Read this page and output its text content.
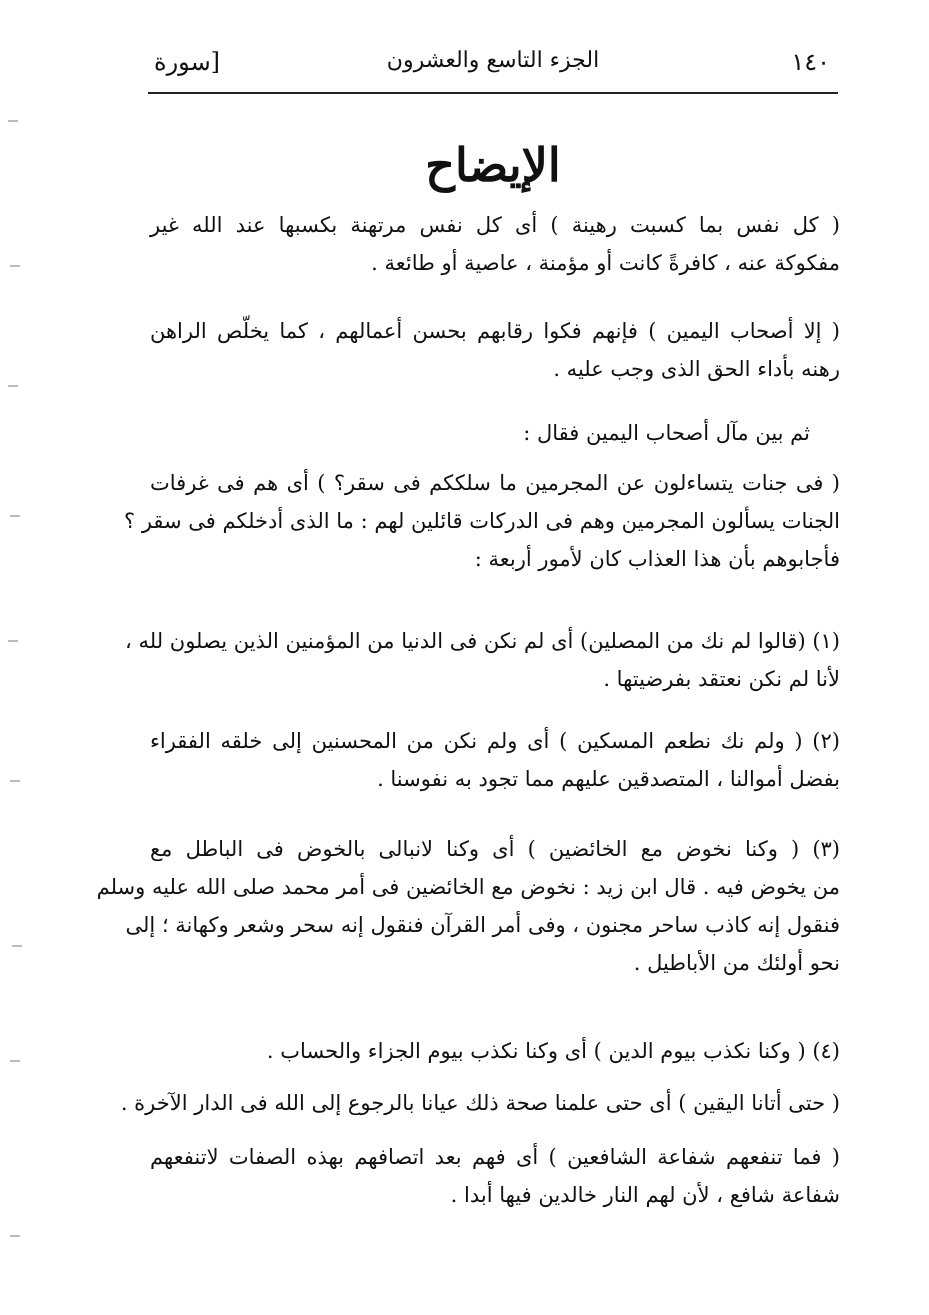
١٤٠
الجزء التاسع والعشرون
[سورة
الإيضاح
( كل نفس بما كسبت رهينة ) أى كل نفس مرتهنة بكسبها عند الله غير
مفكوكة عنه ، كافرةً كانت أو مؤمنة ، عاصية أو طائعة .
( إلا أصحاب اليمين ) فإنهم فكوا رقابهم بحسن أعمالهم ، كما يخلّص الراهن
رهنه بأداء الحق الذى وجب عليه .
ثم بين مآل أصحاب اليمين فقال :
( فى جنات يتساءلون عن المجرمين ما سلككم فى سقر؟ ) أى هم فى غرفات
الجنات يسألون المجرمين وهم فى الدركات قائلين لهم : ما الذى أدخلكم فى سقر ؟
فأجابوهم بأن هذا العذاب كان لأمور أربعة :
(١) (قالوا لم نك من المصلين) أى لم نكن فى الدنيا من المؤمنين الذين يصلون لله ،
لأنا لم نكن نعتقد بفرضيتها .
(٢) ( ولم نك نطعم المسكين ) أى ولم نكن من المحسنين إلى خلقه الفقراء
بفضل أموالنا ، المتصدقين عليهم مما تجود به نفوسنا .
(٣) ( وكنا نخوض مع الخائضين ) أى وكنا لانبالى بالخوض فى الباطل مع
من يخوض فيه . قال ابن زيد : نخوض مع الخائضين فى أمر محمد صلى الله عليه وسلم
فنقول إنه كاذب ساحر مجنون ، وفى أمر القرآن فنقول إنه سحر وشعر وكهانة ؛ إلى
نحو أولئك من الأباطيل .
(٤) ( وكنا نكذب بيوم الدين ) أى وكنا نكذب بيوم الجزاء والحساب .
( حتى أتانا اليقين ) أى حتى علمنا صحة ذلك عيانا بالرجوع إلى الله فى الدار الآخرة .
( فما تنفعهم شفاعة الشافعين ) أى فهم بعد اتصافهم بهذه الصفات لاتنفعهم
شفاعة شافع ، لأن لهم النار خالدين فيها أبدا .
